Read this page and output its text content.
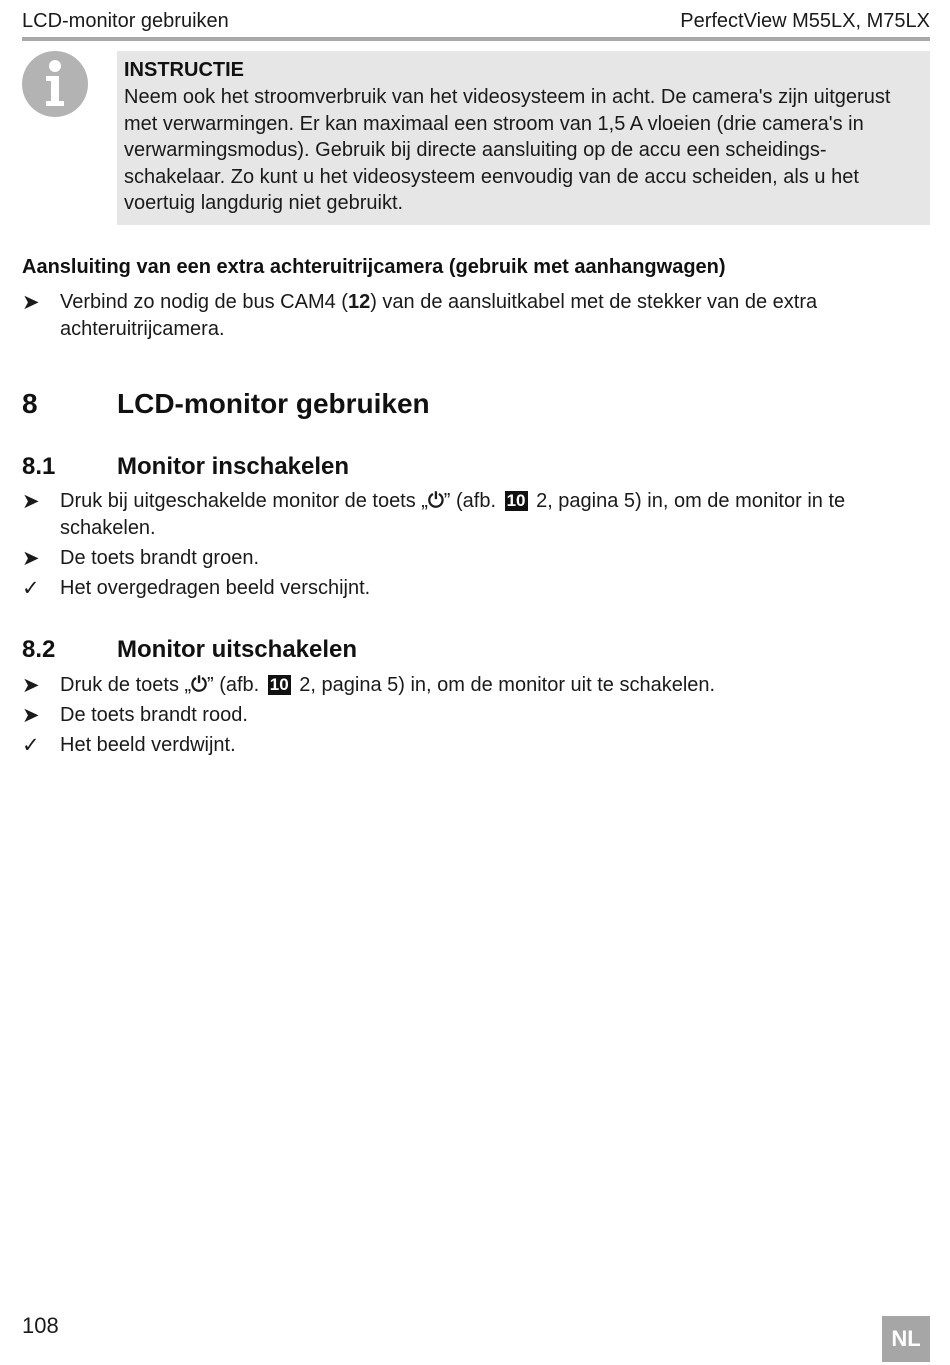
LCD-monitor gebruiken	PerfectView M55LX, M75LX
INSTRUCTIE
Neem ook het stroomverbruik van het videosysteem in acht. De camera's zijn uitgerust met verwarmingen. Er kan maximaal een stroom van 1,5 A vloeien (drie camera's in verwarmingsmodus). Gebruik bij directe aansluiting op de accu een scheidings-schakelaar. Zo kunt u het videosysteem eenvoudig van de accu scheiden, als u het voertuig langdurig niet gebruikt.
Aansluiting van een extra achteruitrijcamera (gebruik met aanhangwagen)
➤	Verbind zo nodig de bus CAM4 (12) van de aansluitkabel met de stekker van de extra achteruitrijcamera.
8	LCD-monitor gebruiken
8.1	Monitor inschakelen
➤	Druk bij uitgeschakelde monitor de toets „⏻” (afb. 10 2, pagina 5) in, om de monitor in te schakelen.
➤	De toets brandt groen.
✓	Het overgedragen beeld verschijnt.
8.2	Monitor uitschakelen
➤	Druk de toets „⏻” (afb. 10 2, pagina 5) in, om de monitor uit te schakelen.
➤	De toets brandt rood.
✓	Het beeld verdwijnt.
108
NL
